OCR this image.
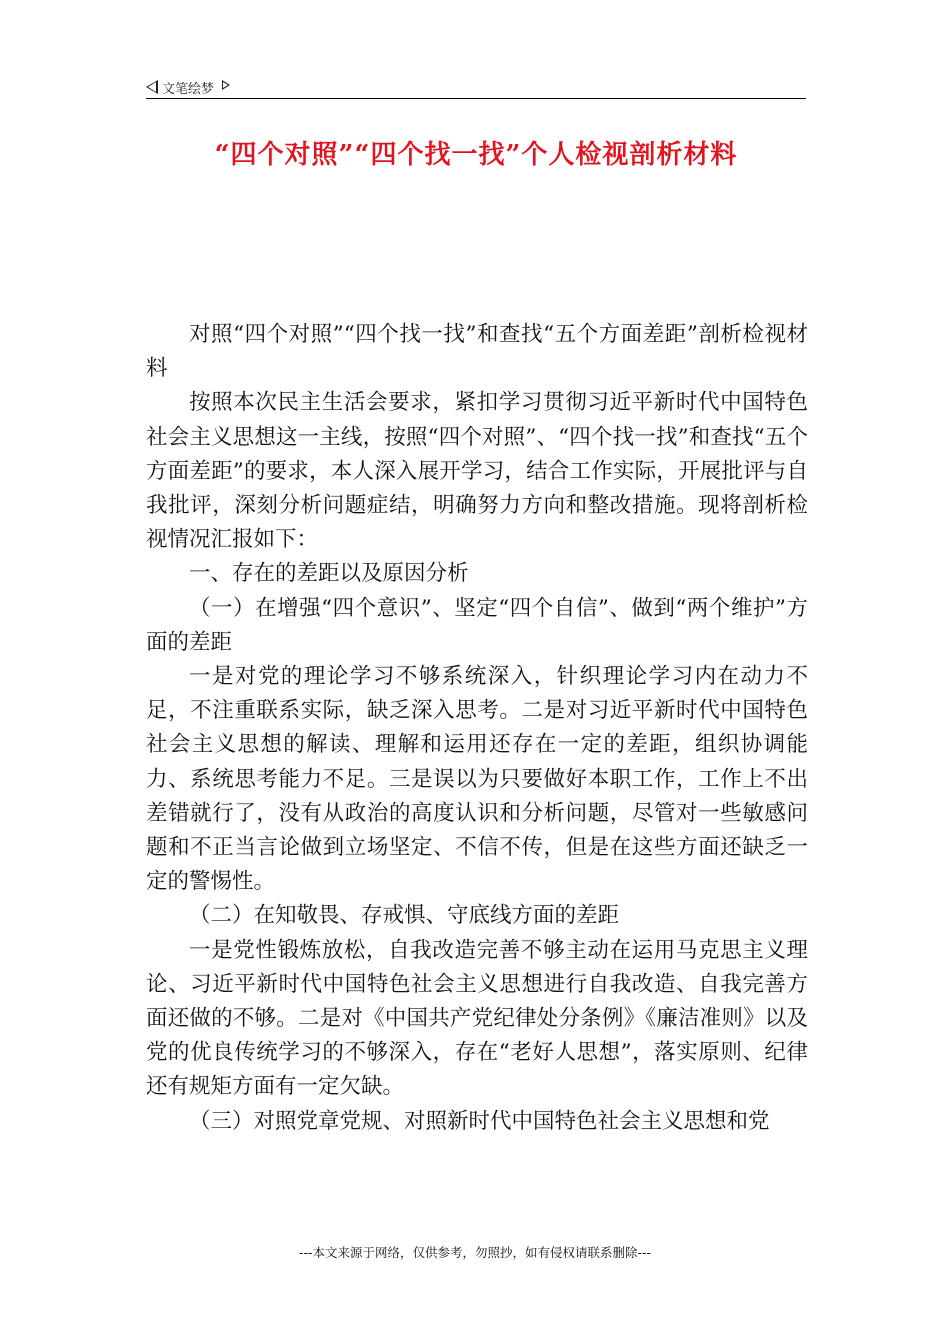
文笔绘梦
“四个对照”“四个找一找”个人检视剖析材料

对照“四个对照”“四个找一找”和查找“五个方面差距”剖析检视材料

按照本次民主生活会要求，紧扣学习贯彻习近平新时代中国特色社会主义思想这一主线，按照“四个对照”、“四个找一找”和查找“五个方面差距”的要求，本人深入展开学习，结合工作实际，开展批评与自我批评，深刻分析问题症结，明确努力方向和整改措施。现将剖析检视情况汇报如下：

一、存在的差距以及原因分析

（一）在增强“四个意识”、坚定“四个自信”、做到“两个维护”方面的差距

一是对党的理论学习不够系统深入，针织理论学习内在动力不足，不注重联系实际，缺乏深入思考。二是对习近平新时代中国特色社会主义思想的解读、理解和运用还存在一定的差距，组织协调能力、系统思考能力不足。三是误以为只要做好本职工作，工作上不出差错就行了，没有从政治的高度认识和分析问题，尽管对一些敏感问题和不正当言论做到立场坚定、不信不传，但是在这些方面还缺乏一定的警惕性。

（二）在知敬畏、存戒惧、守底线方面的差距

一是党性锻炼放松，自我改造完善不够主动在运用马克思主义理论、习近平新时代中国特色社会主义思想进行自我改造、自我完善方面还做的不够。二是对《中国共产党纪律处分条例》《廉洁准则》以及党的优良传统学习的不够深入，存在“老好人思想”，落实原则、纪律还有规矩方面有一定欠缺。

（三）对照党章党规、对照新时代中国特色社会主义思想和党

---本文来源于网络，仅供参考，勿照抄，如有侵权请联系删除---
